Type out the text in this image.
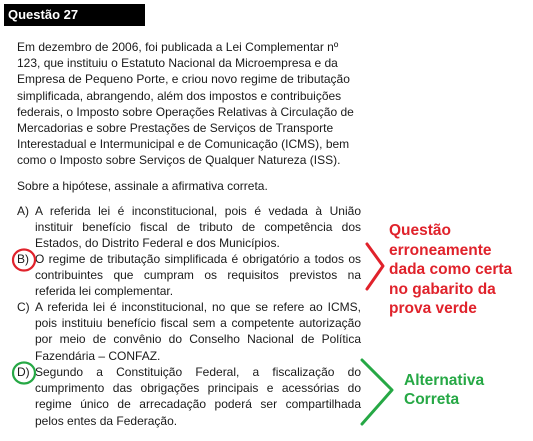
Questão 27

Em dezembro de 2006, foi publicada a Lei Complementar nº 123, que instituiu o Estatuto Nacional da Microempresa e da Empresa de Pequeno Porte, e criou novo regime de tributação simplificada, abrangendo, além dos impostos e contribuições federais, o Imposto sobre Operações Relativas à Circulação de Mercadorias e sobre Prestações de Serviços de Transporte Interestadual e Intermunicipal e de Comunicação (ICMS), bem como o Imposto sobre Serviços de Qualquer Natureza (ISS).

Sobre a hipótese, assinale a afirmativa correta.

A) A referida lei é inconstitucional, pois é vedada à União instituir benefício fiscal de tributo de competência dos Estados, do Distrito Federal e dos Municípios.
B) O regime de tributação simplificada é obrigatório a todos os contribuintes que cumpram os requisitos previstos na referida lei complementar.
C) A referida lei é inconstitucional, no que se refere ao ICMS, pois instituiu benefício fiscal sem a competente autorização por meio de convênio do Conselho Nacional de Política Fazendária – CONFAZ.
D) Segundo a Constituição Federal, a fiscalização do cumprimento das obrigações principais e acessórias do regime único de arrecadação poderá ser compartilhada pelos entes da Federação.
Questão erroneamente dada como certa no gabarito da prova verde
Alternativa Correta
